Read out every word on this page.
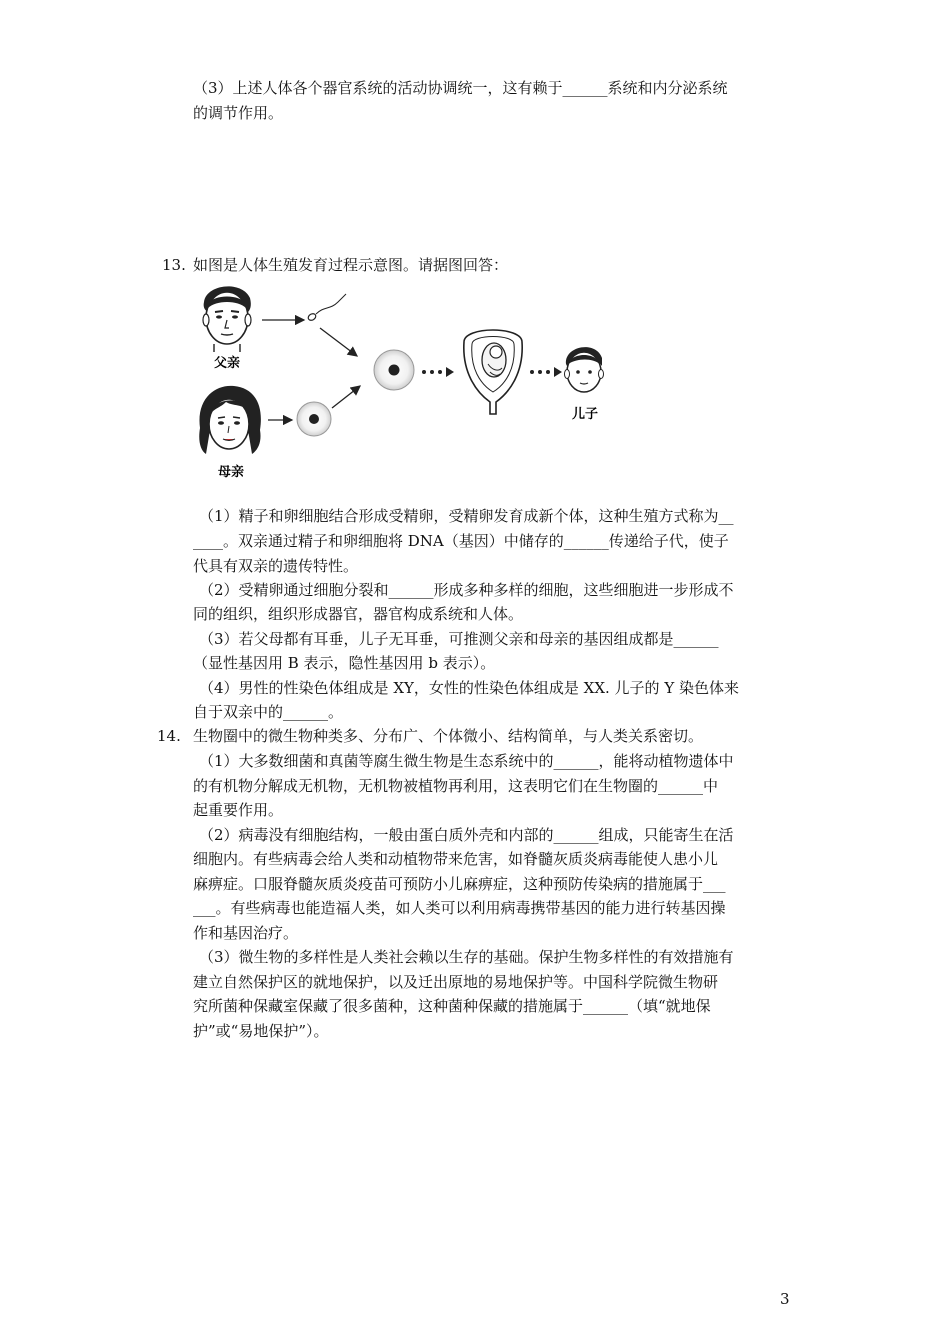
（3）上述人体各个器官系统的活动协调统一，这有赖于______系统和内分泌系统
的调节作用。
13. 如图是人体生殖发育过程示意图。请据图回答：
父亲
母亲
儿子
（1）精子和卵细胞结合形成受精卵，受精卵发育成新个体，这种生殖方式称为__
____。双亲通过精子和卵细胞将 DNA（基因）中储存的______传递给子代，使子
代具有双亲的遗传特性。
（2）受精卵通过细胞分裂和______形成多种多样的细胞，这些细胞进一步形成不
同的组织，组织形成器官，器官构成系统和人体。
（3）若父母都有耳垂，儿子无耳垂，可推测父亲和母亲的基因组成都是______
（显性基因用 B 表示，隐性基因用 b 表示）。
（4）男性的性染色体组成是 XY，女性的性染色体组成是 XX. 儿子的 Y 染色体来
自于双亲中的______。
14. 生物圈中的微生物种类多、分布广、个体微小、结构简单，与人类关系密切。
（1）大多数细菌和真菌等腐生微生物是生态系统中的______，能将动植物遗体中
的有机物分解成无机物，无机物被植物再利用，这表明它们在生物圈的______中
起重要作用。
（2）病毒没有细胞结构，一般由蛋白质外壳和内部的______组成，只能寄生在活
细胞内。有些病毒会给人类和动植物带来危害，如脊髓灰质炎病毒能使人患小儿
麻痹症。口服脊髓灰质炎疫苗可预防小儿麻痹症，这种预防传染病的措施属于___
___。有些病毒也能造福人类，如人类可以利用病毒携带基因的能力进行转基因操
作和基因治疗。
（3）微生物的多样性是人类社会赖以生存的基础。保护生物多样性的有效措施有
建立自然保护区的就地保护，以及迁出原地的易地保护等。中国科学院微生物研
究所菌种保藏室保藏了很多菌种，这种菌种保藏的措施属于______（填“就地保
护”或“易地保护”）。
3
